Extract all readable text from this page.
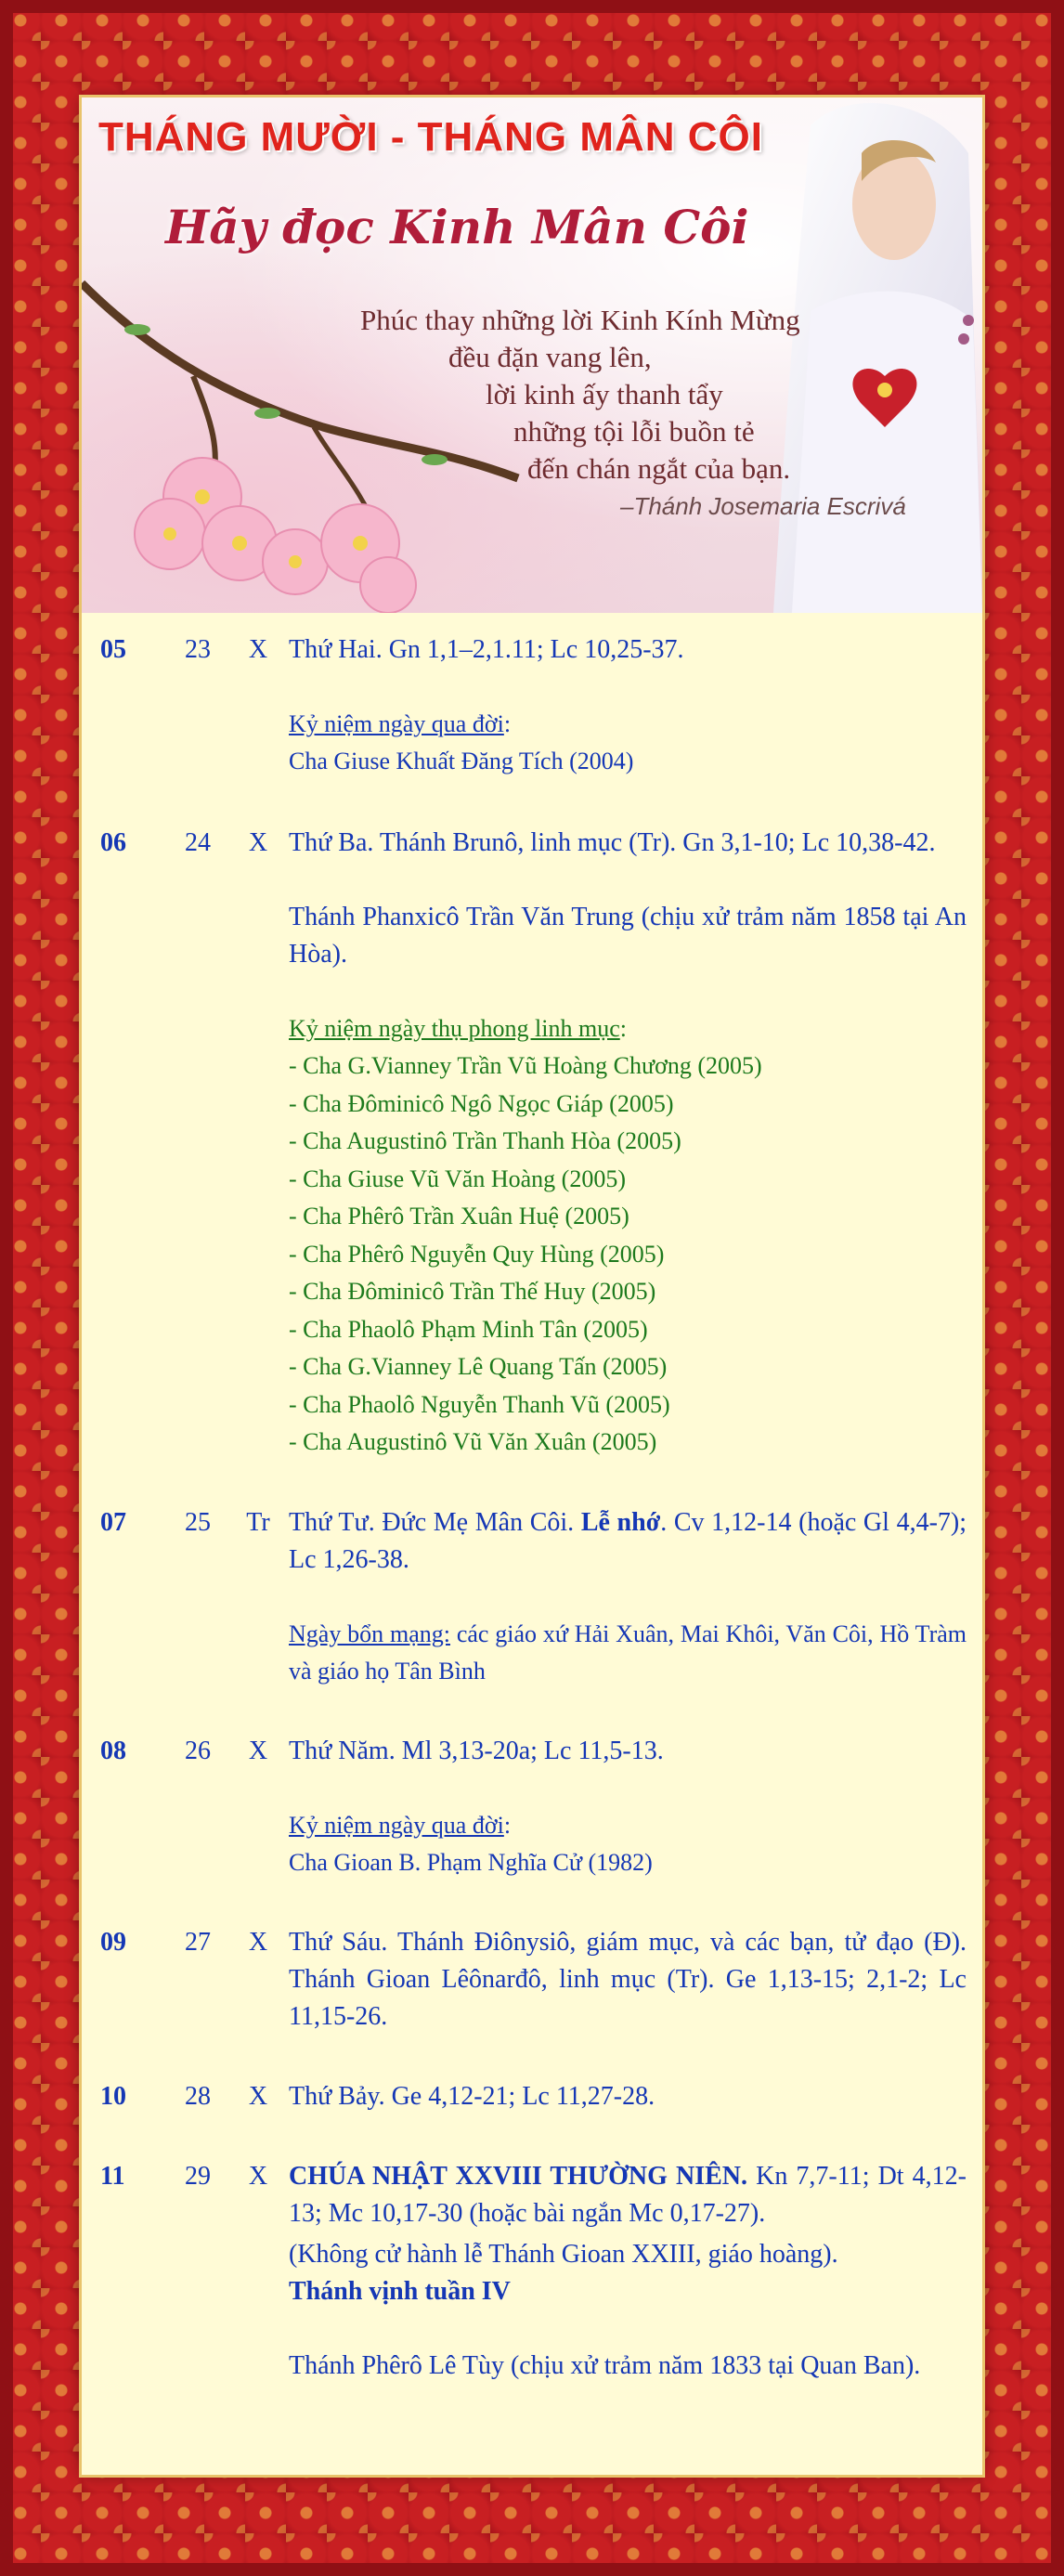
THÁNG MƯỜI - THÁNG MÂN CÔI
Hãy đọc Kinh Mân Côi
Phúc thay những lời Kinh Kính Mừng
đều đặn vang lên,
lời kinh ấy thanh tẩy
những tội lỗi buồn tẻ
đến chán ngắt của bạn.
–Thánh Josemaria Escrivá
05	23	X Thứ Hai. Gn 1,1–2,1.11; Lc 10,25-37.

Kỷ niệm ngày qua đời:
Cha Giuse Khuất Đăng Tích (2004)

06	24	X Thứ Ba. Thánh Brunô, linh mục (Tr). Gn 3,1-10; Lc 10,38-42.

Thánh Phanxicô Trần Văn Trung (chịu xử trảm năm 1858 tại An Hòa).

Kỷ niệm ngày thụ phong linh mục:
- Cha G.Vianney Trần Vũ Hoàng Chương (2005)
- Cha Đôminicô Ngô Ngọc Giáp (2005)
- Cha Augustinô Trần Thanh Hòa (2005)
- Cha Giuse Vũ Văn Hoàng (2005)
- Cha Phêrô Trần Xuân Huệ (2005)
- Cha Phêrô Nguyễn Quy Hùng (2005)
- Cha Đôminicô Trần Thế Huy (2005)
- Cha Phaolô Phạm Minh Tân (2005)
- Cha G.Vianney Lê Quang Tấn (2005)
- Cha Phaolô Nguyễn Thanh Vũ (2005)
- Cha Augustinô Vũ Văn Xuân (2005)
07	25	Tr Thứ Tư. Đức Mẹ Mân Côi. Lễ nhớ. Cv 1,12-14 (hoặc Gl 4,4-7); Lc 1,26-38.

Ngày bổn mạng: các giáo xứ Hải Xuân, Mai Khôi, Văn Côi, Hồ Tràm và giáo họ Tân Bình

08	26	X Thứ Năm. Ml 3,13-20a; Lc 11,5-13.

Kỷ niệm ngày qua đời:
Cha Gioan B. Phạm Nghĩa Cử (1982)

09	27	X Thứ Sáu. Thánh Điônysiô, giám mục, và các bạn, tử đạo (Đ). Thánh Gioan Lêônarđô, linh mục (Tr). Ge 1,13-15; 2,1-2; Lc 11,15-26.

10	28	X Thứ Bảy. Ge 4,12-21; Lc 11,27-28.

11	29	X CHÚA NHẬT XXVIII THƯỜNG NIÊN. Kn 7,7-11; Dt 4,12-13; Mc 10,17-30 (hoặc bài ngắn Mc 0,17-27).

(Không cử hành lễ Thánh Gioan XXIII, giáo hoàng).

Thánh vịnh tuần IV

Thánh Phêrô Lê Tùy (chịu xử trảm năm 1833 tại Quan Ban).
